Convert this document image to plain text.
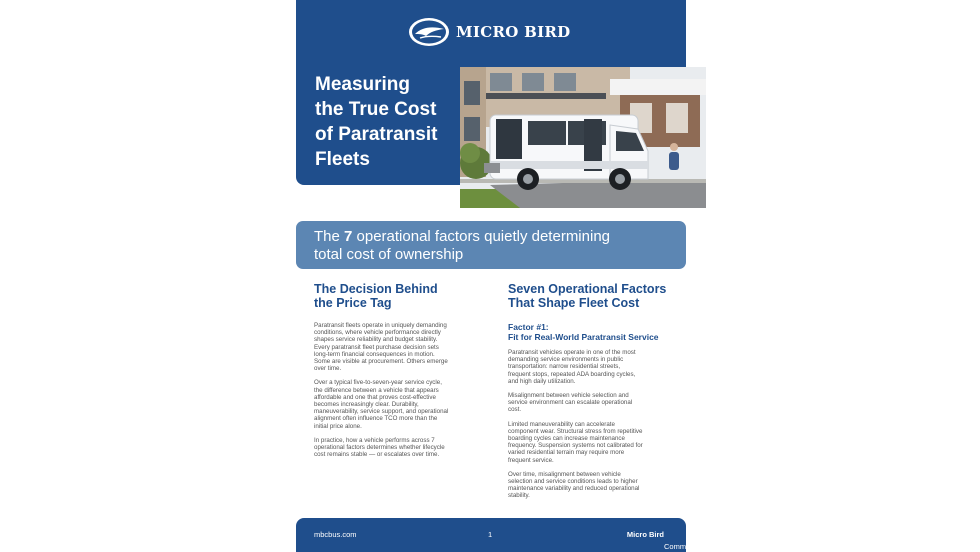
MICRO BIRD
Measuring
the True Cost
of Paratransit
Fleets
The 7 operational factors quietly determining
total cost of ownership
The Decision Behind
the Price Tag

Paratransit fleets operate in uniquely demanding
conditions, where vehicle performance directly
shapes service reliability and budget stability.
Every paratransit fleet purchase decision sets
long-term financial consequences in motion.
Some are visible at procurement. Others emerge
over time.

Over a typical five-to-seven-year service cycle,
the difference between a vehicle that appears
affordable and one that proves cost-effective
becomes increasingly clear. Durability,
maneuverability, service support, and operational
alignment often influence TCO more than the
initial price alone.

In practice, how a vehicle performs across 7
operational factors determines whether lifecycle
cost remains stable — or escalates over time.

Seven Operational Factors
That Shape Fleet Cost
Factor #1:
Fit for Real-World Paratransit Service

Paratransit vehicles operate in one of the most
demanding service environments in public
transportation: narrow residential streets,
frequent stops, repeated ADA boarding cycles,
and high daily utilization.

Misalignment between vehicle selection and
service environment can escalate operational
cost.

Limited maneuverability can accelerate
component wear. Structural stress from repetitive
boarding cycles can increase maintenance
frequency. Suspension systems not calibrated for
varied residential terrain may require more
frequent service.

Over time, misalignment between vehicle
selection and service conditions leads to higher
maintenance variability and reduced operational
stability.

mbcbus.com	1	Micro Bird
Commercial
